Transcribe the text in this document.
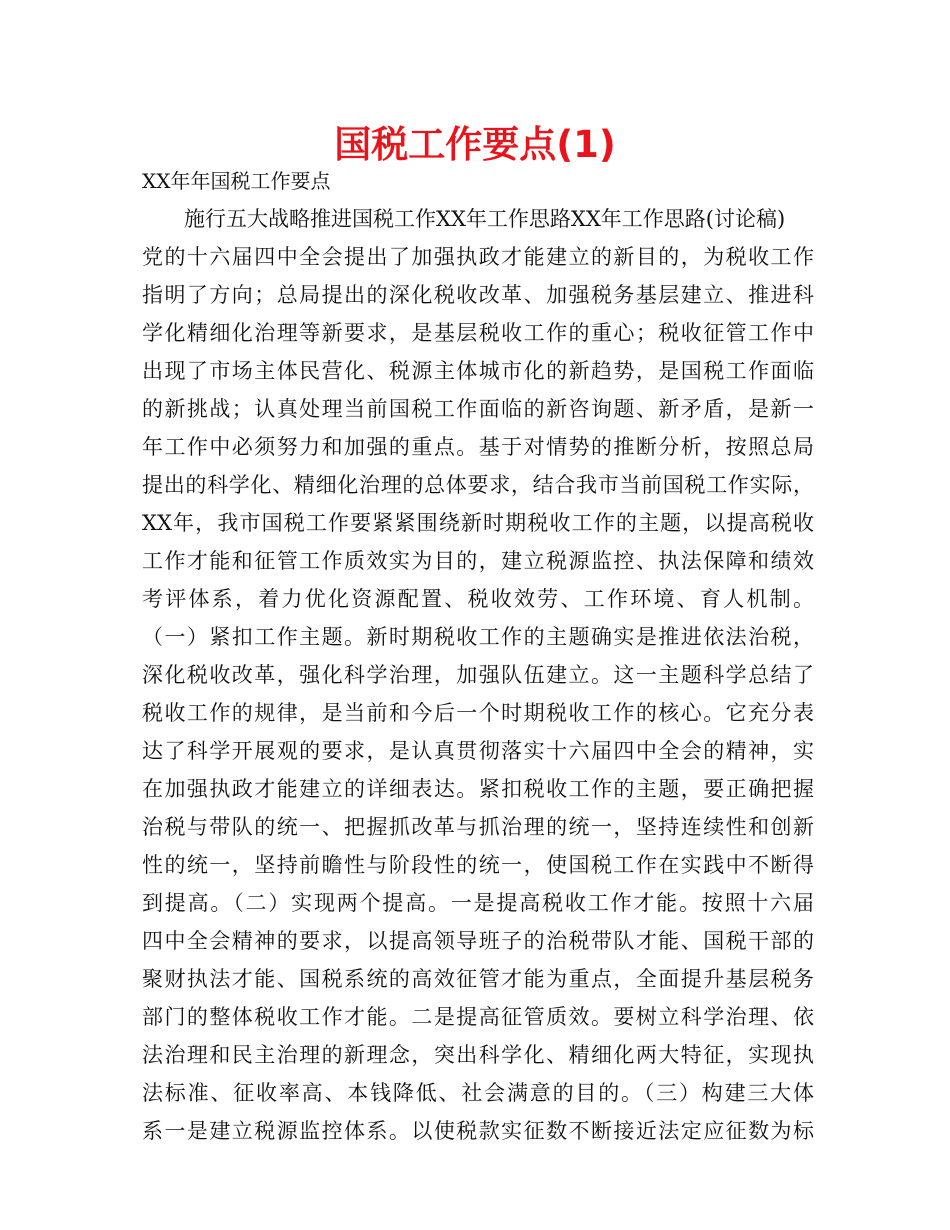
国税工作要点(1)
XX年年国税工作要点
施行五大战略推进国税工作XX年工作思路XX年工作思路(讨论稿)
党的十六届四中全会提出了加强执政才能建立的新目的，为税收工作
指明了方向；总局提出的深化税收改革、加强税务基层建立、推进科
学化精细化治理等新要求，是基层税收工作的重心；税收征管工作中
出现了市场主体民营化、税源主体城市化的新趋势，是国税工作面临
的新挑战；认真处理当前国税工作面临的新咨询题、新矛盾，是新一
年工作中必须努力和加强的重点。基于对情势的推断分析，按照总局
提出的科学化、精细化治理的总体要求，结合我市当前国税工作实际，
XX年，我市国税工作要紧紧围绕新时期税收工作的主题，以提高税收
工作才能和征管工作质效实为目的，建立税源监控、执法保障和绩效
考评体系，着力优化资源配置、税收效劳、工作环境、育人机制。
（一）紧扣工作主题。新时期税收工作的主题确实是推进依法治税，
深化税收改革，强化科学治理，加强队伍建立。这一主题科学总结了
税收工作的规律，是当前和今后一个时期税收工作的核心。它充分表
达了科学开展观的要求，是认真贯彻落实十六届四中全会的精神，实
在加强执政才能建立的详细表达。紧扣税收工作的主题，要正确把握
治税与带队的统一、把握抓改革与抓治理的统一，坚持连续性和创新
性的统一，坚持前瞻性与阶段性的统一，使国税工作在实践中不断得
到提高。（二）实现两个提高。一是提高税收工作才能。按照十六届
四中全会精神的要求，以提高领导班子的治税带队才能、国税干部的
聚财执法才能、国税系统的高效征管才能为重点，全面提升基层税务
部门的整体税收工作才能。二是提高征管质效。要树立科学治理、依
法治理和民主治理的新理念，突出科学化、精细化两大特征，实现执
法标准、征收率高、本钱降低、社会满意的目的。（三）构建三大体
系一是建立税源监控体系。以使税款实征数不断接近法定应征数为标
